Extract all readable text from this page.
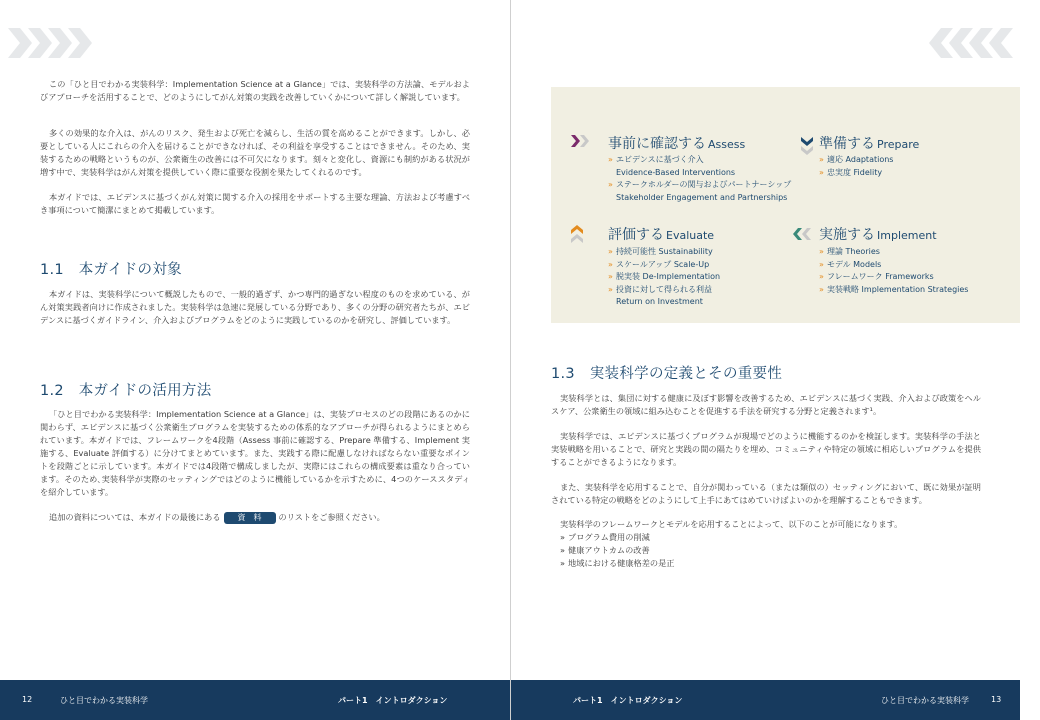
この「ひと目でわかる実装科学：Implementation Science at a Glance」では、実装科学の方法論、モデルおよびアプローチを活用することで、どのようにしてがん対策の実践を改善していくかについて詳しく解説しています。

多くの効果的な介入は、がんのリスク、発生および死亡を減らし、生活の質を高めることができます。しかし、必要としている人にこれらの介入を届けることができなければ、その利益を享受することはできません。そのため、実装するための戦略というものが、公衆衛生の改善には不可欠になります。刻々と変化し、資源にも制約がある状況が増す中で、実装科学はがん対策を提供していく際に重要な役割を果たしてくれるのです。

本ガイドでは、エビデンスに基づくがん対策に関する介入の採用をサポートする主要な理論、方法および考慮すべき事項について簡潔にまとめて掲載しています。

1.1　本ガイドの対象

本ガイドは、実装科学について概説したもので、一般的過ぎず、かつ専門的過ぎない程度のものを求めている、がん対策実践者向けに作成されました。実装科学は急速に発展している分野であり、多くの分野の研究者たちが、エビデンスに基づくガイドライン、介入およびプログラムをどのように実践しているのかを研究し、評価しています。

1.2　本ガイドの活用方法

「ひと目でわかる実装科学：Implementation Science at a Glance」は、実装プロセスのどの段階にあるのかに関わらず、エビデンスに基づく公衆衛生プログラムを実装するための体系的なアプローチが得られるようにまとめられています。本ガイドでは、フレームワークを4段階（Assess 事前に確認する、Prepare 準備する、Implement 実施する、Evaluate 評価する）に分けてまとめています。また、実践する際に配慮しなければならない重要なポイントを段階ごとに示しています。本ガイドでは4段階で構成しましたが、実際にはこれらの構成要素は重なり合っています。そのため､実装科学が実際のセッティングではどのように機能しているかを示すために、4つのケーススタディを紹介しています。

追加の資料については、本ガイドの最後にある 資　料 のリストをご参照ください。

12	ひと目でわかる実装科学	パート1　イントロダクション
事前に確認する Assess
» エビデンスに基づく介入
Evidence-Based Interventions
» ステークホルダーの関与およびパートナーシップ
Stakeholder Engagement and Partnerships
準備する Prepare
» 適応 Adaptations
» 忠実度 Fidelity
評価する Evaluate
» 持続可能性 Sustainability
» スケールアップ Scale-Up
» 脱実装 De-Implementation
» 投資に対して得られる利益
Return on Investment
実施する Implement
» 理論 Theories
» モデル Models
» フレームワーク Frameworks
» 実装戦略 Implementation Strategies
1.3　実装科学の定義とその重要性

実装科学とは、集団に対する健康に及ぼす影響を改善するため、エビデンスに基づく実践、介入および政策をヘルスケア、公衆衛生の領域に組み込むことを促進する手法を研究する分野と定義されます¹。

実装科学では、エビデンスに基づくプログラムが現場でどのように機能するのかを検証します。実装科学の手法と実装戦略を用いることで、研究と実践の間の隔たりを埋め、コミュニティや特定の領域に相応しいプログラムを提供することができるようになります。

また、実装科学を応用することで、自分が関わっている（または類似の）セッティングにおいて、既に効果が証明されている特定の戦略をどのようにして上手にあてはめていけばよいのかを理解することもできます。

実装科学のフレームワークとモデルを応用することによって、以下のことが可能になります。

» プログラム費用の削減
» 健康アウトカムの改善
» 地域における健康格差の是正
パート1　イントロダクション	ひと目でわかる実装科学	13
